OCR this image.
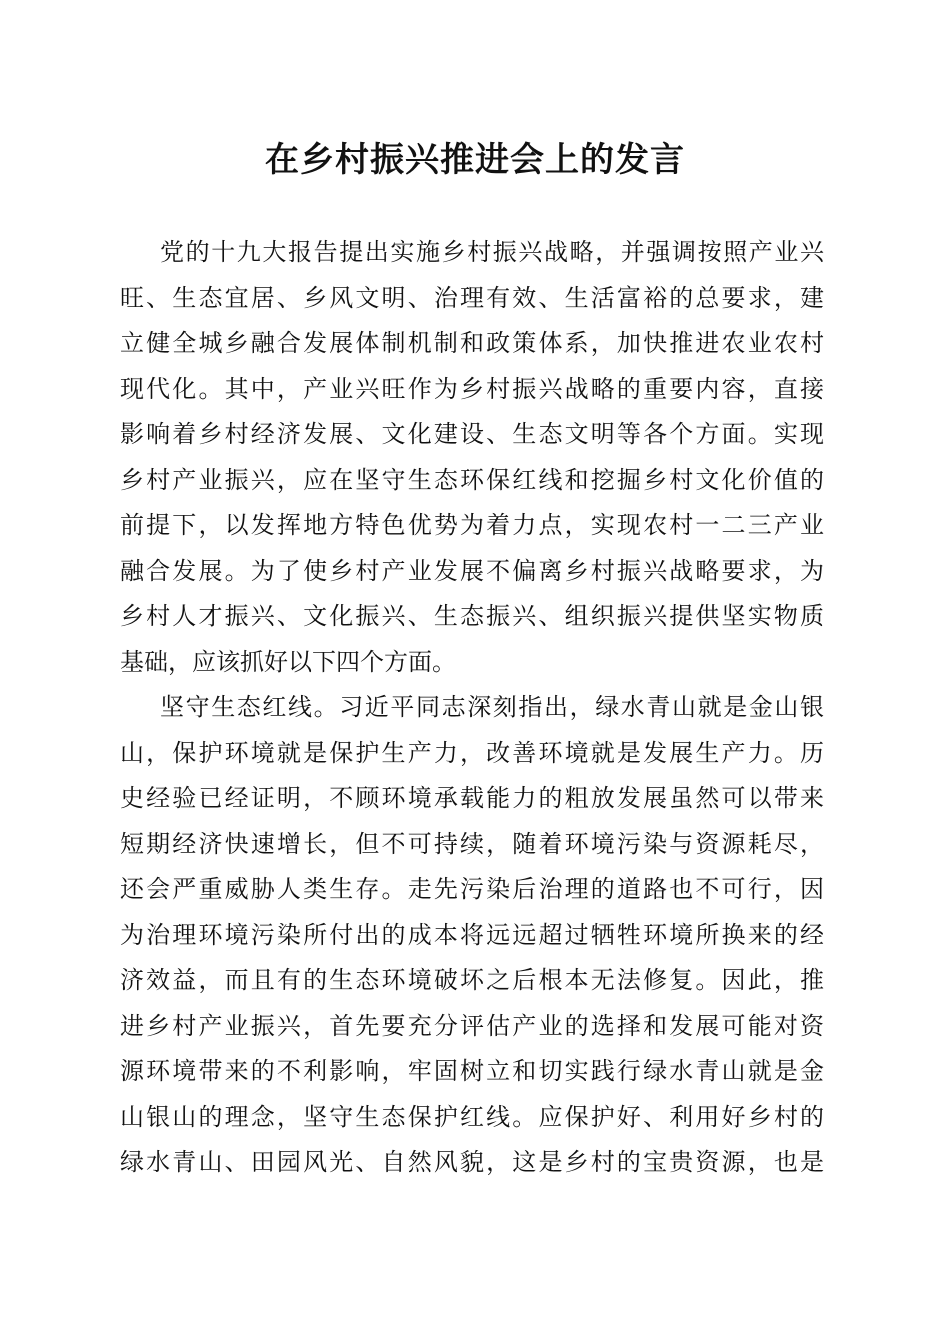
在乡村振兴推进会上的发言
党的十九大报告提出实施乡村振兴战略，并强调按照产业兴
旺、生态宜居、乡风文明、治理有效、生活富裕的总要求，建
立健全城乡融合发展体制机制和政策体系，加快推进农业农村
现代化。其中，产业兴旺作为乡村振兴战略的重要内容，直接
影响着乡村经济发展、文化建设、生态文明等各个方面。实现
乡村产业振兴，应在坚守生态环保红线和挖掘乡村文化价值的
前提下，以发挥地方特色优势为着力点，实现农村一二三产业
融合发展。为了使乡村产业发展不偏离乡村振兴战略要求，为
乡村人才振兴、文化振兴、生态振兴、组织振兴提供坚实物质
基础，应该抓好以下四个方面。
坚守生态红线。习近平同志深刻指出，绿水青山就是金山银
山，保护环境就是保护生产力，改善环境就是发展生产力。历
史经验已经证明，不顾环境承载能力的粗放发展虽然可以带来
短期经济快速增长，但不可持续，随着环境污染与资源耗尽，
还会严重威胁人类生存。走先污染后治理的道路也不可行，因
为治理环境污染所付出的成本将远远超过牺牲环境所换来的经
济效益，而且有的生态环境破坏之后根本无法修复。因此，推
进乡村产业振兴，首先要充分评估产业的选择和发展可能对资
源环境带来的不利影响，牢固树立和切实践行绿水青山就是金
山银山的理念，坚守生态保护红线。应保护好、利用好乡村的
绿水青山、田园风光、自然风貌，这是乡村的宝贵资源，也是
